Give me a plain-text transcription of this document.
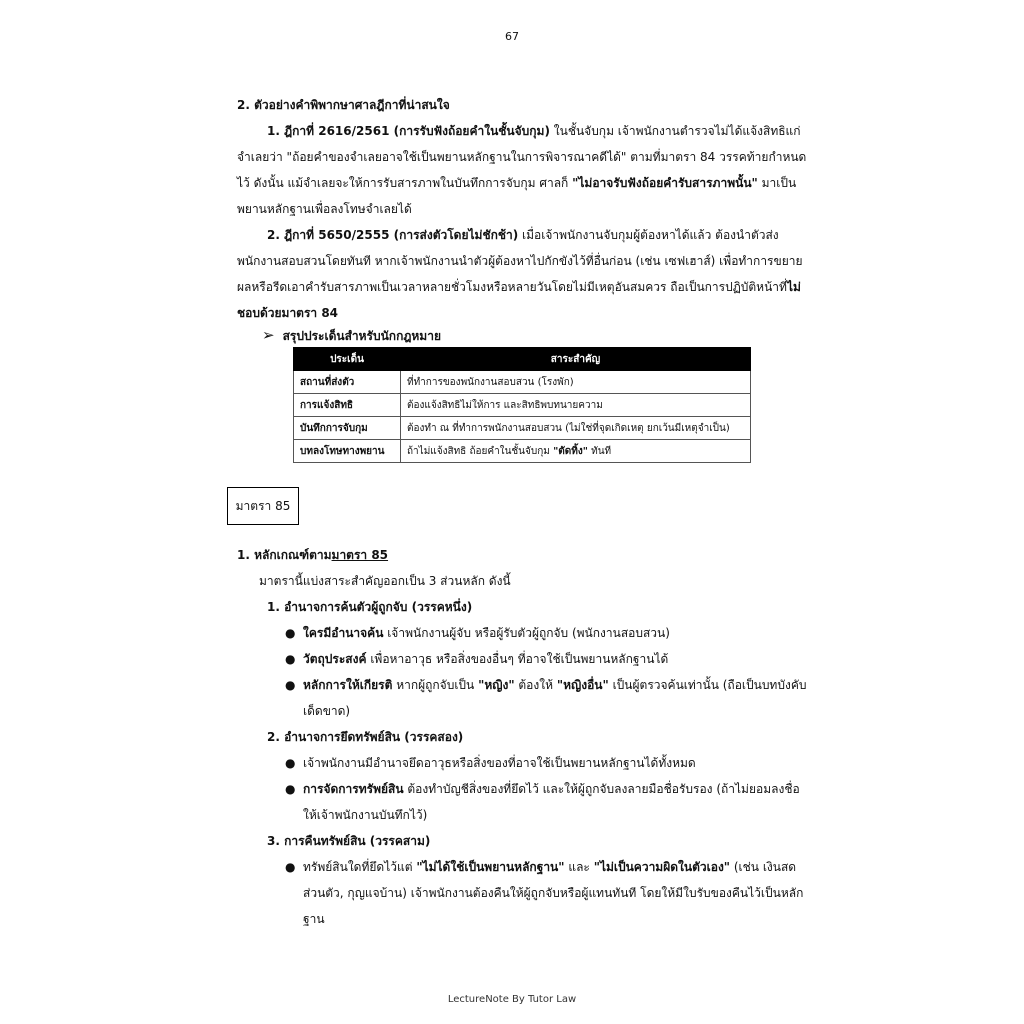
67

2. ตัวอย่างคำพิพากษาศาลฎีกาที่น่าสนใจ

1. ฎีกาที่ 2616/2561 (การรับฟังถ้อยคำในชั้นจับกุม) ในชั้นจับกุม เจ้าพนักงานตำรวจไม่ได้แจ้งสิทธิแก่จำเลยว่า "ถ้อยคำของจำเลยอาจใช้เป็นพยานหลักฐานในการพิจารณาคดีได้" ตามที่มาตรา 84 วรรคท้ายกำหนดไว้ ดังนั้น แม้จำเลยจะให้การรับสารภาพในบันทึกการจับกุม ศาลก็ "ไม่อาจรับฟังถ้อยคำรับสารภาพนั้น" มาเป็นพยานหลักฐานเพื่อลงโทษจำเลยได้

2. ฎีกาที่ 5650/2555 (การส่งตัวโดยไม่ชักช้า) เมื่อเจ้าพนักงานจับกุมผู้ต้องหาได้แล้ว ต้องนำตัวส่งพนักงานสอบสวนโดยทันที หากเจ้าพนักงานนำตัวผู้ต้องหาไปกักขังไว้ที่อื่นก่อน (เช่น เซฟเฮาส์) เพื่อทำการขยายผลหรือรีดเอาคำรับสารภาพเป็นเวลาหลายชั่วโมงหรือหลายวันโดยไม่มีเหตุอันสมควร ถือเป็นการปฏิบัติหน้าที่ไม่ชอบด้วยมาตรา 84

➢ สรุปประเด็นสำหรับนักกฎหมาย
ประเด็น	สาระสำคัญ
สถานที่ส่งตัว	ที่ทำการของพนักงานสอบสวน (โรงพัก)
การแจ้งสิทธิ	ต้องแจ้งสิทธิไม่ให้การ และสิทธิพบทนายความ
บันทึกการจับกุม	ต้องทำ ณ ที่ทำการพนักงานสอบสวน (ไม่ใช่ที่จุดเกิดเหตุ ยกเว้นมีเหตุจำเป็น)
บทลงโทษทางพยาน	ถ้าไม่แจ้งสิทธิ ถ้อยคำในชั้นจับกุม "ตัดทิ้ง" ทันที
มาตรา 85
1. หลักเกณฑ์ตามมาตรา 85
มาตรานี้แบ่งสาระสำคัญออกเป็น 3 ส่วนหลัก ดังนี้
1. อำนาจการค้นตัวผู้ถูกจับ (วรรคหนึ่ง)
● ใครมีอำนาจค้น เจ้าพนักงานผู้จับ หรือผู้รับตัวผู้ถูกจับ (พนักงานสอบสวน)
● วัตถุประสงค์ เพื่อหาอาวุธ หรือสิ่งของอื่นๆ ที่อาจใช้เป็นพยานหลักฐานได้
● หลักการให้เกียรติ หากผู้ถูกจับเป็น "หญิง" ต้องให้ "หญิงอื่น" เป็นผู้ตรวจค้นเท่านั้น (ถือเป็นบทบังคับเด็ดขาด)
2. อำนาจการยึดทรัพย์สิน (วรรคสอง)
● เจ้าพนักงานมีอำนาจยึดอาวุธหรือสิ่งของที่อาจใช้เป็นพยานหลักฐานได้ทั้งหมด
● การจัดการทรัพย์สิน ต้องทำบัญชีสิ่งของที่ยึดไว้ และให้ผู้ถูกจับลงลายมือชื่อรับรอง (ถ้าไม่ยอมลงชื่อให้เจ้าพนักงานบันทึกไว้)
3. การคืนทรัพย์สิน (วรรคสาม)
● ทรัพย์สินใดที่ยึดไว้แต่ "ไม่ได้ใช้เป็นพยานหลักฐาน" และ "ไม่เป็นความผิดในตัวเอง" (เช่น เงินสดส่วนตัว, กุญแจบ้าน) เจ้าพนักงานต้องคืนให้ผู้ถูกจับหรือผู้แทนทันที โดยให้มีใบรับของคืนไว้เป็นหลักฐาน
LectureNote By Tutor Law
